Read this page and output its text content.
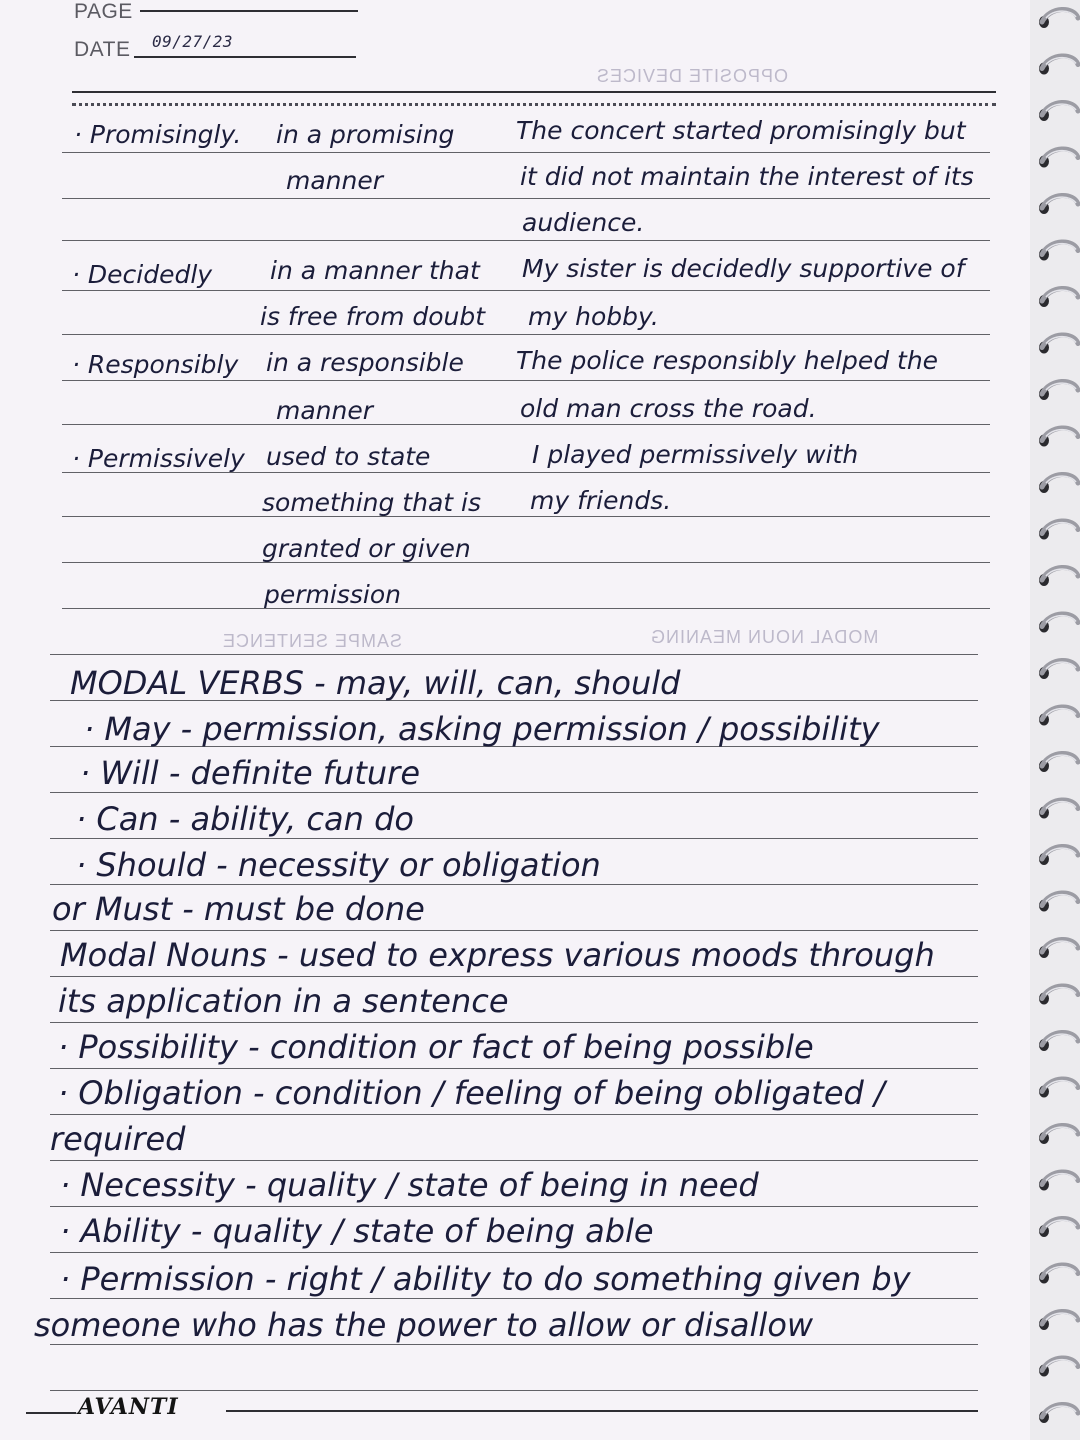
PAGE
DATE 09/27/23
OPPOSITE DEVICES
SAMPE SENTENCE	MODAL NOUN MEANING
· Promisingly. in a promising
manner
The concert started promisingly but
it did not maintain the interest of its
audience.
· Decidedly in a manner that
is free from doubt
My sister is decidedly supportive of
my hobby.
· Responsibly in a responsible
manner
The police responsibly helped the
old man cross the road.
· Permissively used to state
something that is
granted or given
permission
I played permissively with
my friends.
MODAL VERBS - may, will, can, should
· May - permission, asking permission / possibility
· Will - definite future
· Can - ability, can do
· Should - necessity or obligation
or Must - must be done
Modal Nouns - used to express various moods through
its application in a sentence
· Possibility - condition or fact of being possible
· Obligation - condition / feeling of being obligated /
required
· Necessity - quality / state of being in need
· Ability - quality / state of being able
· Permission - right / ability to do something given by
someone who has the power to allow or disallow
AVANTI
